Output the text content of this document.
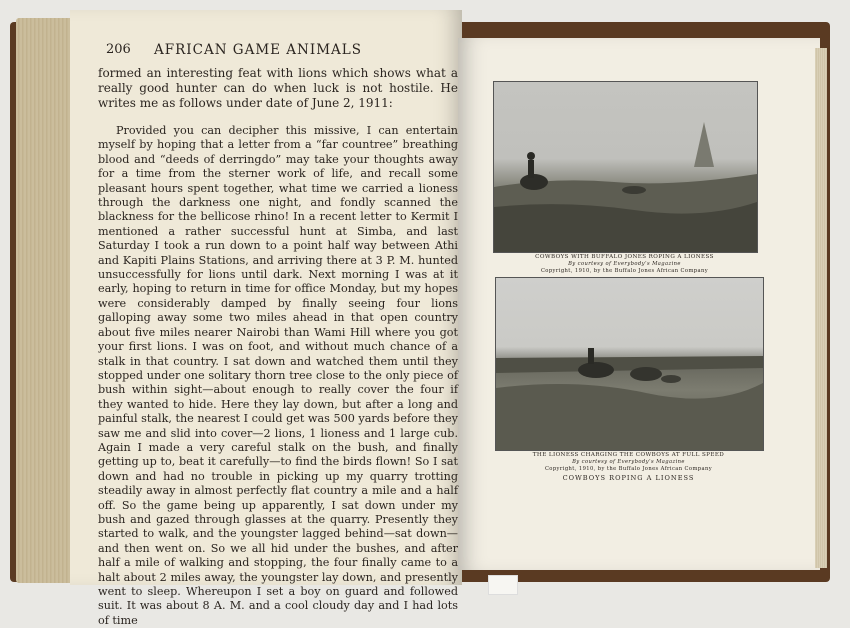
206 AFRICAN GAME ANIMALS
formed an interesting feat with lions which shows what a really good hunter can do when luck is not hostile. He writes me as follows under date of June 2, 1911:
Provided you can decipher this missive, I can entertain myself by hoping that a letter from a “far countree” breathing blood and “deeds of derringdo” may take your thoughts away for a time from the sterner work of life, and recall some pleasant hours spent together, what time we carried a lioness through the darkness one night, and fondly scanned the blackness for the bellicose rhino! In a recent letter to Kermit I mentioned a rather successful hunt at Simba, and last Saturday I took a run down to a point half way between Athi and Kapiti Plains Stations, and arriving there at 3 P. M. hunted unsuccessfully for lions until dark. Next morning I was at it early, hoping to return in time for office Monday, but my hopes were considerably damped by finally seeing four lions galloping away some two miles ahead in that open country about five miles nearer Nairobi than Wami Hill where you got your first lions. I was on foot, and without much chance of a stalk in that country. I sat down and watched them until they stopped under one solitary thorn tree close to the only piece of bush within sight—about enough to really cover the four if they wanted to hide. Here they lay down, but after a long and painful stalk, the nearest I could get was 500 yards before they saw me and slid into cover—2 lions, 1 lioness and 1 large cub. Again I made a very careful stalk on the bush, and finally getting up to, beat it carefully—to find the birds flown! So I sat down and had no trouble in picking up my quarry trotting steadily away in almost perfectly flat country a mile and a half off. So the game being up apparently, I sat down under my bush and gazed through glasses at the quarry. Presently they started to walk, and the youngster lagged behind—sat down—and then went on. So we all hid under the bushes, and after half a mile of walking and stopping, the four finally came to a halt about 2 miles away, the youngster lay down, and presently went to sleep. Whereupon I set a boy on guard and followed suit. It was about 8 A. M. and a cool cloudy day and I had lots of time
COWBOYS WITH BUFFALO JONES ROPING A LIONESS
By courtesy of Everybody’s Magazine
Copyright, 1910, by the Buffalo Jones African Company
THE LIONESS CHARGING THE COWBOYS AT FULL SPEED
By courtesy of Everybody’s Magazine
Copyright, 1910, by the Buffalo Jones African Company
COWBOYS ROPING A LIONESS
